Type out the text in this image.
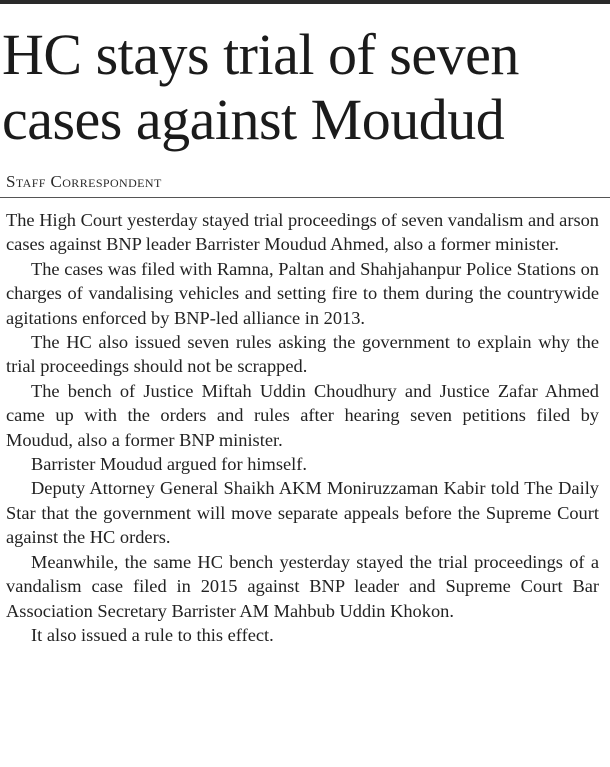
HC stays trial of seven cases against Moudud
Staff Correspondent

The High Court yesterday stayed trial proceedings of seven vandalism and arson cases against BNP leader Barrister Moudud Ahmed, also a former minister.

The cases was filed with Ramna, Paltan and Shahjahanpur Police Stations on charges of vandalising vehicles and setting fire to them during the countrywide agitations enforced by BNP-led alliance in 2013.

The HC also issued seven rules asking the government to explain why the trial proceedings should not be scrapped.

The bench of Justice Miftah Uddin Choudhury and Justice Zafar Ahmed came up with the orders and rules after hearing seven petitions filed by Moudud, also a former BNP minister.

Barrister Moudud argued for himself.

Deputy Attorney General Shaikh AKM Moniruzzaman Kabir told The Daily Star that the government will move separate appeals before the Supreme Court against the HC orders.

Meanwhile, the same HC bench yesterday stayed the trial proceedings of a vandalism case filed in 2015 against BNP leader and Supreme Court Bar Association Secretary Barrister AM Mahbub Uddin Khokon.

It also issued a rule to this effect.
